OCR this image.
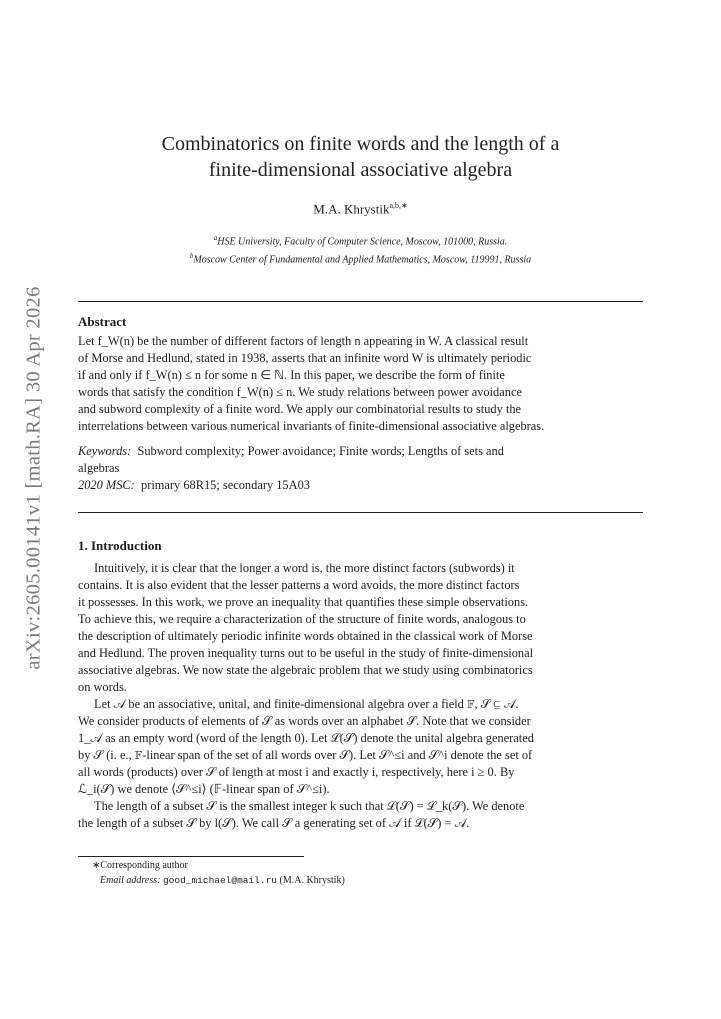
arXiv:2605.00141v1 [math.RA] 30 Apr 2026
Combinatorics on finite words and the length of a
finite-dimensional associative algebra
M.A. Khrystik$^{a,b,∗}$
$^a$HSE University, Faculty of Computer Science, Moscow, 101000, Russia.
$^b$Moscow Center of Fundamental and Applied Mathematics, Moscow, 119991, Russia
Abstract
Let f_W(n) be the number of different factors of length n appearing in W. A classical result
of Morse and Hedlund, stated in 1938, asserts that an infinite word W is ultimately periodic
if and only if f_W(n) ≤ n for some n ∈ ℕ. In this paper, we describe the form of finite
words that satisfy the condition f_W(n) ≤ n. We study relations between power avoidance
and subword complexity of a finite word. We apply our combinatorial results to study the
interrelations between various numerical invariants of finite-dimensional associative algebras.
Keywords: Subword complexity; Power avoidance; Finite words; Lengths of sets and
algebras
2020 MSC: primary 68R15; secondary 15A03
1. Introduction
Intuitively, it is clear that the longer a word is, the more distinct factors (subwords) it
contains. It is also evident that the lesser patterns a word avoids, the more distinct factors
it possesses. In this work, we prove an inequality that quantifies these simple observations.
To achieve this, we require a characterization of the structure of finite words, analogous to
the description of ultimately periodic infinite words obtained in the classical work of Morse
and Hedlund. The proven inequality turns out to be useful in the study of finite-dimensional
associative algebras. We now state the algebraic problem that we study using combinatorics
on words.
Let 𝒜 be an associative, unital, and finite-dimensional algebra over a field 𝔽, 𝒮 ⊆ 𝒜.
We consider products of elements of 𝒮 as words over an alphabet 𝒮. Note that we consider
1_𝒜 as an empty word (word of the length 0). Let ℒ(𝒮) denote the unital algebra generated
by 𝒮 (i. e., 𝔽-linear span of the set of all words over 𝒮). Let 𝒮^≤i and 𝒮^i denote the set of
all words (products) over 𝒮 of length at most i and exactly i, respectively, here i ≥ 0. By
ℒ_i(𝒮) we denote ⟨𝒮^≤i⟩ (𝔽-linear span of 𝒮^≤i).
The length of a subset 𝒮 is the smallest integer k such that ℒ(𝒮) = ℒ_k(𝒮). We denote
the length of a subset 𝒮 by l(𝒮). We call 𝒮 a generating set of 𝒜 if ℒ(𝒮) = 𝒜.
∗Corresponding author
Email address: good_michael@mail.ru (M.A. Khrystik)
